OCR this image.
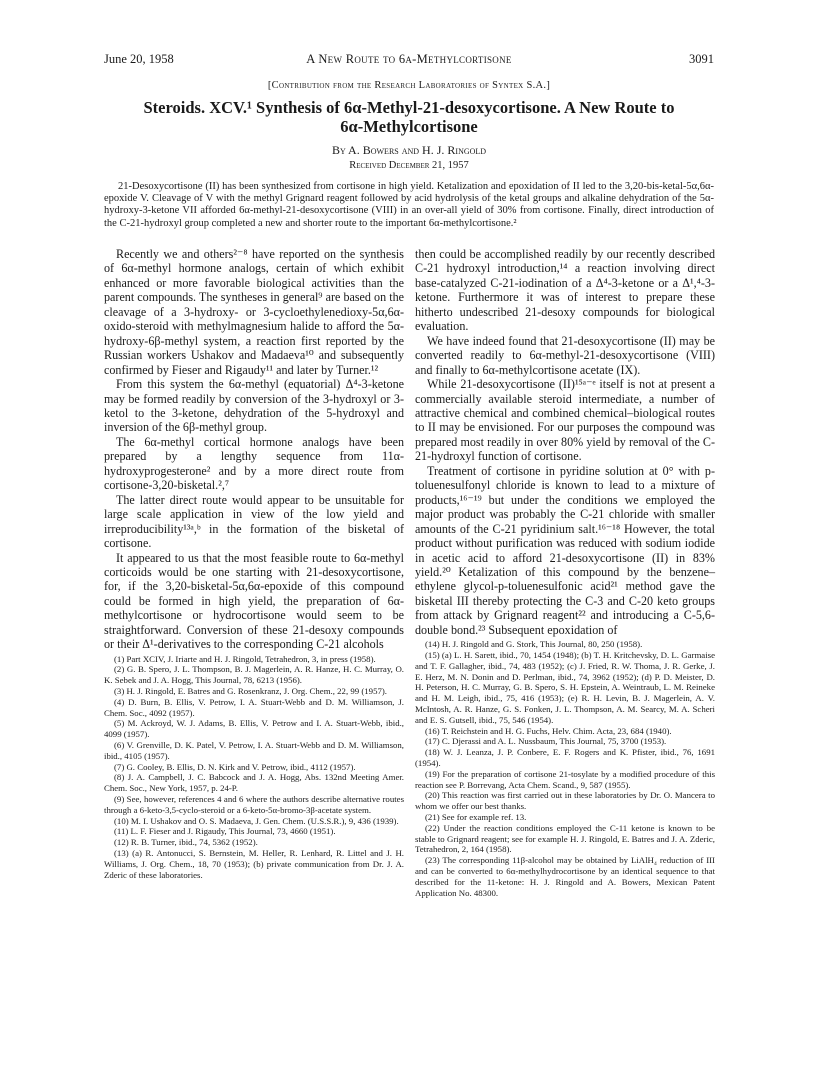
June 20, 1958	A New Route to 6α-Methylcortisone	3091
[Contribution from the Research Laboratories of Syntex S.A.]
Steroids. XCV.¹ Synthesis of 6α-Methyl-21-desoxycortisone. A New Route to
6α-Methylcortisone
By A. Bowers and H. J. Ringold
Received December 21, 1957
21-Desoxycortisone (II) has been synthesized from cortisone in high yield. Ketalization and epoxidation of II led to the 3,20-bis-ketal-5α,6α-epoxide V. Cleavage of V with the methyl Grignard reagent followed by acid hydrolysis of the ketal groups and alkaline dehydration of the 5α-hydroxy-3-ketone VII afforded 6α-methyl-21-desoxycortisone (VIII) in an over-all yield of 30% from cortisone. Finally, direct introduction of the C-21-hydroxyl group completed a new and shorter route to the important 6α-methylcortisone.²

Recently we and others²⁻⁸ have reported on the synthesis of 6α-methyl hormone analogs, certain of which exhibit enhanced or more favorable biological activities than the parent compounds. The syntheses in general⁹ are based on the cleavage of a 3-hydroxy- or 3-cycloethylenedioxy-5α,6α-oxido-steroid with methylmagnesium halide to afford the 5α-hydroxy-6β-methyl system, a reaction first reported by the Russian workers Ushakov and Madaeva¹⁰ and subsequently confirmed by Fieser and Rigaudy¹¹ and later by Turner.¹²

From this system the 6α-methyl (equatorial) Δ⁴-3-ketone may be formed readily by conversion of the 3-hydroxyl or 3-ketol to the 3-ketone, dehydration of the 5-hydroxyl and inversion of the 6β-methyl group.

The 6α-methyl cortical hormone analogs have been prepared by a lengthy sequence from 11α-hydroxyprogesterone² and by a more direct route from cortisone-3,20-bisketal.²,⁷

The latter direct route would appear to be unsuitable for large scale application in view of the low yield and irreproducibility¹³ᵃ,ᵇ in the formation of the bisketal of cortisone.

It appeared to us that the most feasible route to 6α-methyl corticoids would be one starting with 21-desoxycortisone, for, if the 3,20-bisketal-5α,6α-epoxide of this compound could be formed in high yield, the preparation of 6α-methylcortisone or hydrocortisone would seem to be straightforward. Conversion of these 21-desoxy compounds or their Δ¹-derivatives to the corresponding C-21 alcohols

(1) Part XCIV, J. Iriarte and H. J. Ringold, Tetrahedron, 3, in press (1958).

(2) G. B. Spero, J. L. Thompson, B. J. Magerlein, A. R. Hanze, H. C. Murray, O. K. Sebek and J. A. Hogg, This Journal, 78, 6213 (1956).

(3) H. J. Ringold, E. Batres and G. Rosenkranz, J. Org. Chem., 22, 99 (1957).

(4) D. Burn, B. Ellis, V. Petrow, I. A. Stuart-Webb and D. M. Williamson, J. Chem. Soc., 4092 (1957).

(5) M. Ackroyd, W. J. Adams, B. Ellis, V. Petrow and I. A. Stuart-Webb, ibid., 4099 (1957).

(6) V. Grenville, D. K. Patel, V. Petrow, I. A. Stuart-Webb and D. M. Williamson, ibid., 4105 (1957).

(7) G. Cooley, B. Ellis, D. N. Kirk and V. Petrow, ibid., 4112 (1957).

(8) J. A. Campbell, J. C. Babcock and J. A. Hogg, Abs. 132nd Meeting Amer. Chem. Soc., New York, 1957, p. 24-P.

(9) See, however, references 4 and 6 where the authors describe alternative routes through a 6-keto-3,5-cyclo-steroid or a 6-keto-5α-bromo-3β-acetate system.

(10) M. I. Ushakov and O. S. Madaeva, J. Gen. Chem. (U.S.S.R.), 9, 436 (1939).

(11) L. F. Fieser and J. Rigaudy, This Journal, 73, 4660 (1951).

(12) R. B. Turner, ibid., 74, 5362 (1952).

(13) (a) R. Antonucci, S. Bernstein, M. Heller, R. Lenhard, R. Littel and J. H. Williams, J. Org. Chem., 18, 70 (1953); (b) private communication from Dr. J. A. Zderic of these laboratories.

then could be accomplished readily by our recently described C-21 hydroxyl introduction,¹⁴ a reaction involving direct base-catalyzed C-21-iodination of a Δ⁴-3-ketone or a Δ¹,⁴-3-ketone. Furthermore it was of interest to prepare these hitherto undescribed 21-desoxy compounds for biological evaluation.

We have indeed found that 21-desoxycortisone (II) may be converted readily to 6α-methyl-21-desoxycortisone (VIII) and finally to 6α-methylcortisone acetate (IX).

While 21-desoxycortisone (II)¹⁵ᵃ⁻ᵉ itself is not at present a commercially available steroid intermediate, a number of attractive chemical and combined chemical–biological routes to II may be envisioned. For our purposes the compound was prepared most readily in over 80% yield by removal of the C-21-hydroxyl function of cortisone.

Treatment of cortisone in pyridine solution at 0° with p-toluenesulfonyl chloride is known to lead to a mixture of products,¹⁶⁻¹⁹ but under the conditions we employed the major product was probably the C-21 chloride with smaller amounts of the C-21 pyridinium salt.¹⁶⁻¹⁸ However, the total product without purification was reduced with sodium iodide in acetic acid to afford 21-desoxycortisone (II) in 83% yield.²⁰ Ketalization of this compound by the benzene–ethylene glycol-p-toluenesulfonic acid²¹ method gave the bisketal III thereby protecting the C-3 and C-20 keto groups from attack by Grignard reagent²² and introducing a C-5,6-double bond.²³ Subsequent epoxidation of

(14) H. J. Ringold and G. Stork, This Journal, 80, 250 (1958).

(15) (a) L. H. Sarett, ibid., 70, 1454 (1948); (b) T. H. Kritchevsky, D. L. Garmaise and T. F. Gallagher, ibid., 74, 483 (1952); (c) J. Fried, R. W. Thoma, J. R. Gerke, J. E. Herz, M. N. Donin and D. Perlman, ibid., 74, 3962 (1952); (d) P. D. Meister, D. H. Peterson, H. C. Murray, G. B. Spero, S. H. Epstein, A. Weintraub, L. M. Reineke and H. M. Leigh, ibid., 75, 416 (1953); (e) R. H. Levin, B. J. Magerlein, A. V. McIntosh, A. R. Hanze, G. S. Fonken, J. L. Thompson, A. M. Searcy, M. A. Scheri and E. S. Gutsell, ibid., 75, 546 (1954).

(16) T. Reichstein and H. G. Fuchs, Helv. Chim. Acta, 23, 684 (1940).

(17) C. Djerassi and A. L. Nussbaum, This Journal, 75, 3700 (1953).

(18) W. J. Leanza, J. P. Conbere, E. F. Rogers and K. Pfister, ibid., 76, 1691 (1954).

(19) For the preparation of cortisone 21-tosylate by a modified procedure of this reaction see P. Borrevang, Acta Chem. Scand., 9, 587 (1955).

(20) This reaction was first carried out in these laboratories by Dr. O. Mancera to whom we offer our best thanks.

(21) See for example ref. 13.

(22) Under the reaction conditions employed the C-11 ketone is known to be stable to Grignard reagent; see for example H. J. Ringold, E. Batres and J. A. Zderic, Tetrahedron, 2, 164 (1958).

(23) The corresponding 11β-alcohol may be obtained by LiAlH₄ reduction of III and can be converted to 6α-methylhydrocortisone by an identical sequence to that described for the 11-ketone: H. J. Ringold and A. Bowers, Mexican Patent Application No. 48300.
